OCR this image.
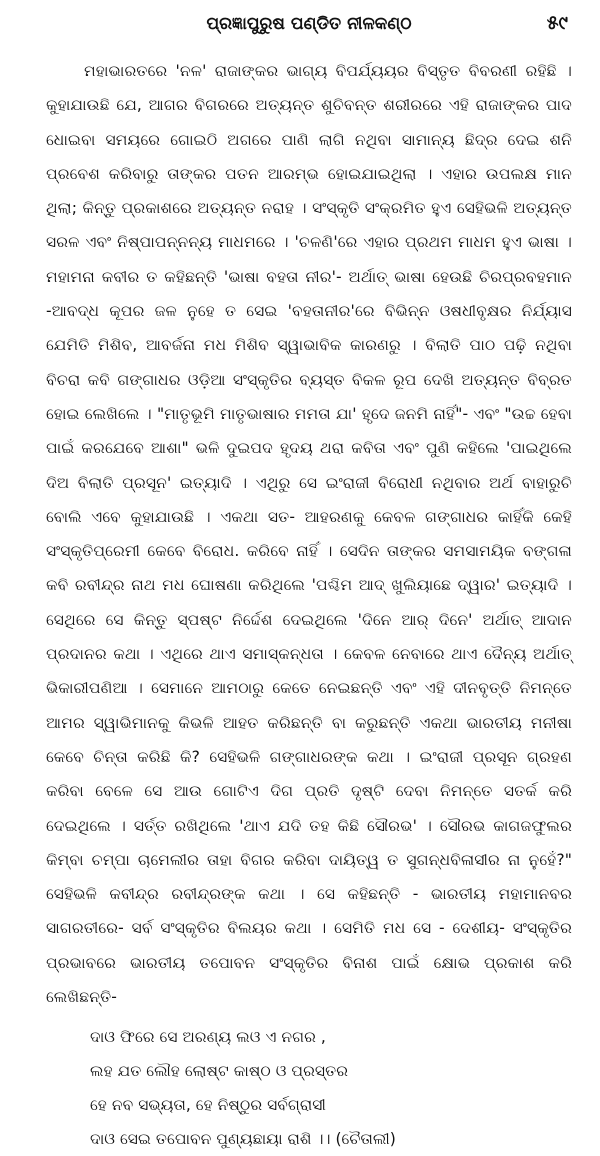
ପ୍ରଜ୍ଞାପୁରୁଷ ପଣ୍ଡିତ ନୀଳକଣ୍ଠ	୫୯

ମହାଭାରତରେ 'ନଳ' ରାଜାଙ୍କର ଭାଗ୍ୟ ବିପର୍ଯ୍ୟୟର ବିସ୍ତୃତ ବିବରଣୀ ରହିଛି । କୁହାଯାଉଛି ଯେ, ଆଗର ବିଗରରେ ଅତ୍ୟନ୍ତ ଶୁଚିବନ୍ତ ଶରୀରରେ ଏହି ରାଜାଙ୍କର ପାଦ ଧୋଇବା ସମୟରେ ଗୋଇଠି ଅଗରେ ପାଣି ଲାଗି ନଥିବା ସାମାନ୍ୟ ଛିଦ୍ର ଦେଇ ଶନି ପ୍ରବେଶ କରିବାରୁ ତାଙ୍କର ପତନ ଆରମ୍ଭ ହୋଇଯାଇଥିଲା । ଏହାର ଉପଲକ୍ଷ ମାନ ଥିଲା; କିନ୍ତୁ ପ୍ରକାଶରେ ଅତ୍ୟନ୍ତ ନରାହ । ସଂସ୍କୃତି ସଂକ୍ରମିତ ହୁଏ ସେହିଭଳି ଅତ୍ୟନ୍ତ ସରଳ ଏବଂ ନିଷ୍ପାପନ୍ନନ୍ୟ ମାଧମରେ । 'ଚଳଣି'ରେ ଏହାର ପ୍ରଥମ ମାଧମ ହୁଏ ଭାଷା । ମହାମନା କବୀର ତ କହିଛନ୍ତି 'ଭାଷା ବହତା ନୀର'- ଅର୍ଥାତ୍ ଭାଷା ହେଉଛି ଚିରପ୍ରବହମାନ -ଆବଦ୍ଧ କୂପର ଜଳ ନୁହେ ତ ସେଇ 'ବହତାନୀର'ରେ ବିଭିନ୍ନ ଓଷଧୀବୃକ୍ଷର ନିର୍ଯ୍ୟାସ ଯେମିତି ମିଶିବ, ଆବର୍ଜନା ମଧ ମିଶିବ ସ୍ୱାଭାବିକ କାରଣରୁ । ବିଲାତି ପାଠ ପଢ଼ି ନଥିବା ବିଚରା କବି ଗଙ୍ଗାଧର ଓଡ଼ିଆ ସଂସ୍କୃତିର ବ୍ୟସ୍ତ ବିକଳ ରୂପ ଦେଖି ଅତ୍ୟନ୍ତ ବିବ୍ରତ ହୋଇ ଲେଖିଲେ । "ମାତୃଭୂମି ମାତୃଭାଷାର ମମତା ଯା' ହୃଦେ ଜନମି ନାହିଁ"- ଏବଂ "ଉଚ୍ଚ ହେବା ପାଇଁ କରଯେବେ ଆଶା" ଭଳି ଦୁଇପଦ ହୃଦୟ ଥରା କବିତା ଏବଂ ପୁଣି କହିଲେ 'ପାଇଥିଲେ ଦିଅ ବିଲାତି ପ୍ରସୂନ' ଇତ୍ୟାଦି । ଏଥିରୁ ସେ ଇଂରାଜୀ ବିରୋଧୀ ନଥିବାର ଅର୍ଥ ବାହାରୁଚି ବୋଲି ଏବେ କୁହାଯାଉଛି । ଏକଥା ସତ- ଆହରଣକୁ କେବଳ ଗଙ୍ଗାଧର କାହିଁକି କେହି ସଂସ୍କୃତିପ୍ରେମୀ କେବେ ବିରୋଧ. କରିବେ ନାହିଁ । ସେଦିନ ତାଙ୍କର ସମସାମୟିକ ବଙ୍ଗଳା କବି ରବୀନ୍ଦ୍ର ନାଥ ମଧ ଘୋଷଣା କରିଥିଲେ 'ପଶ୍ଚିମ ଆଦ୍ ଖୁଲିୟାଛେ ଦ୍ୱାର' ଇତ୍ୟାଦି । ସେଥିରେ ସେ କିନ୍ତୁ ସ୍ପଷ୍ଟ ନିର୍ଦ୍ଦେଶ ଦେଇଥିଲେ 'ଦିନେ ଆର୍ ଦିନେ' ଅର୍ଥାତ୍ ଆଦାନ ପ୍ରଦାନର କଥା । ଏଥିରେ ଥାଏ ସମାସ୍କନ୍ଧତା । କେବଳ ନେବାରେ ଥାଏ ଦୈନ୍ୟ ଅର୍ଥାତ୍ ଭିକାରୀପଣିଆ । ସେମାନେ ଆମଠାରୁ କେତେ ନେଇଛନ୍ତି ଏବଂ ଏହି ଦୀନବୃତ୍ତି ନିମନ୍ତେ ଆମର ସ୍ୱାଭିମାନକୁ କିଭଳି ଆହତ କରିଛନ୍ତି ବା କରୁଛନ୍ତି ଏକଥା ଭାରତୀୟ ମନୀଷା କେବେ ଚିନ୍ତା କରିଛି କି? ସେହିଭଳି ଗଙ୍ଗାଧରଙ୍କ କଥା । ଇଂରାଜୀ ପ୍ରସୂନ ଗ୍ରହଣ କରିବା ବେଳେ ସେ ଆଉ ଗୋଟିଏ ଦିଗ ପ୍ରତି ଦୃଷ୍ଟି ଦେବା ନିମନ୍ତେ ସତର୍କ କରି ଦେଇଥିଲେ । ସର୍ତ୍ତ ରଖିଥିଲେ 'ଥାଏ ଯଦି ତହ କିଛି ସୌରଭ' । ସୌରଭ କାଗଜଫୁଲର କିମ୍ବା ଚମ୍ପା ଚାମେଲୀର ତାହା ବିଗର କରିବା ଦାୟିତ୍ୱ ତ ସୁଗନ୍ଧବିଳାସୀର ନା ନୁହେଁ?" ସେହିଭଳି କବୀନ୍ଦ୍ର ରବୀନ୍ଦ୍ରଙ୍କ କଥା । ସେ କହିଛନ୍ତି - ଭାରତୀୟ ମହାମାନବର ସାଗରତୀରେ- ସର୍ବ ସଂସ୍କୃତିର ବିଲୟର କଥା । ସେମିତି ମଧ ସେ - ଦେଶୀୟ- ସଂସ୍କୃତିର ପ୍ରଭାବରେ ଭାରତୀୟ ତପୋବନ ସଂସ୍କୃତିର ବିନାଶ ପାଇଁ କ୍ଷୋଭ ପ୍ରକାଶ କରି ଲେଖିଛନ୍ତି-

ଦାଓ ଫିରେ ସେ ଅରଣ୍ୟ ଲଓ ଏ ନଗର ,
ଲହ ଯତ ଲୌହ ଲୋଷ୍ଟ କାଷ୍ଠ ଓ ପ୍ରସ୍ତର
ହେ ନବ ସଭ୍ୟତା, ହେ ନିଷ୍ଠୁର ସର୍ବଗ୍ରାସୀ
ଦାଓ ସେଇ ତପୋବନ ପୁଣ୍ୟଛାୟା ରାଶି ।। (ଚୈତାଲୀ)
